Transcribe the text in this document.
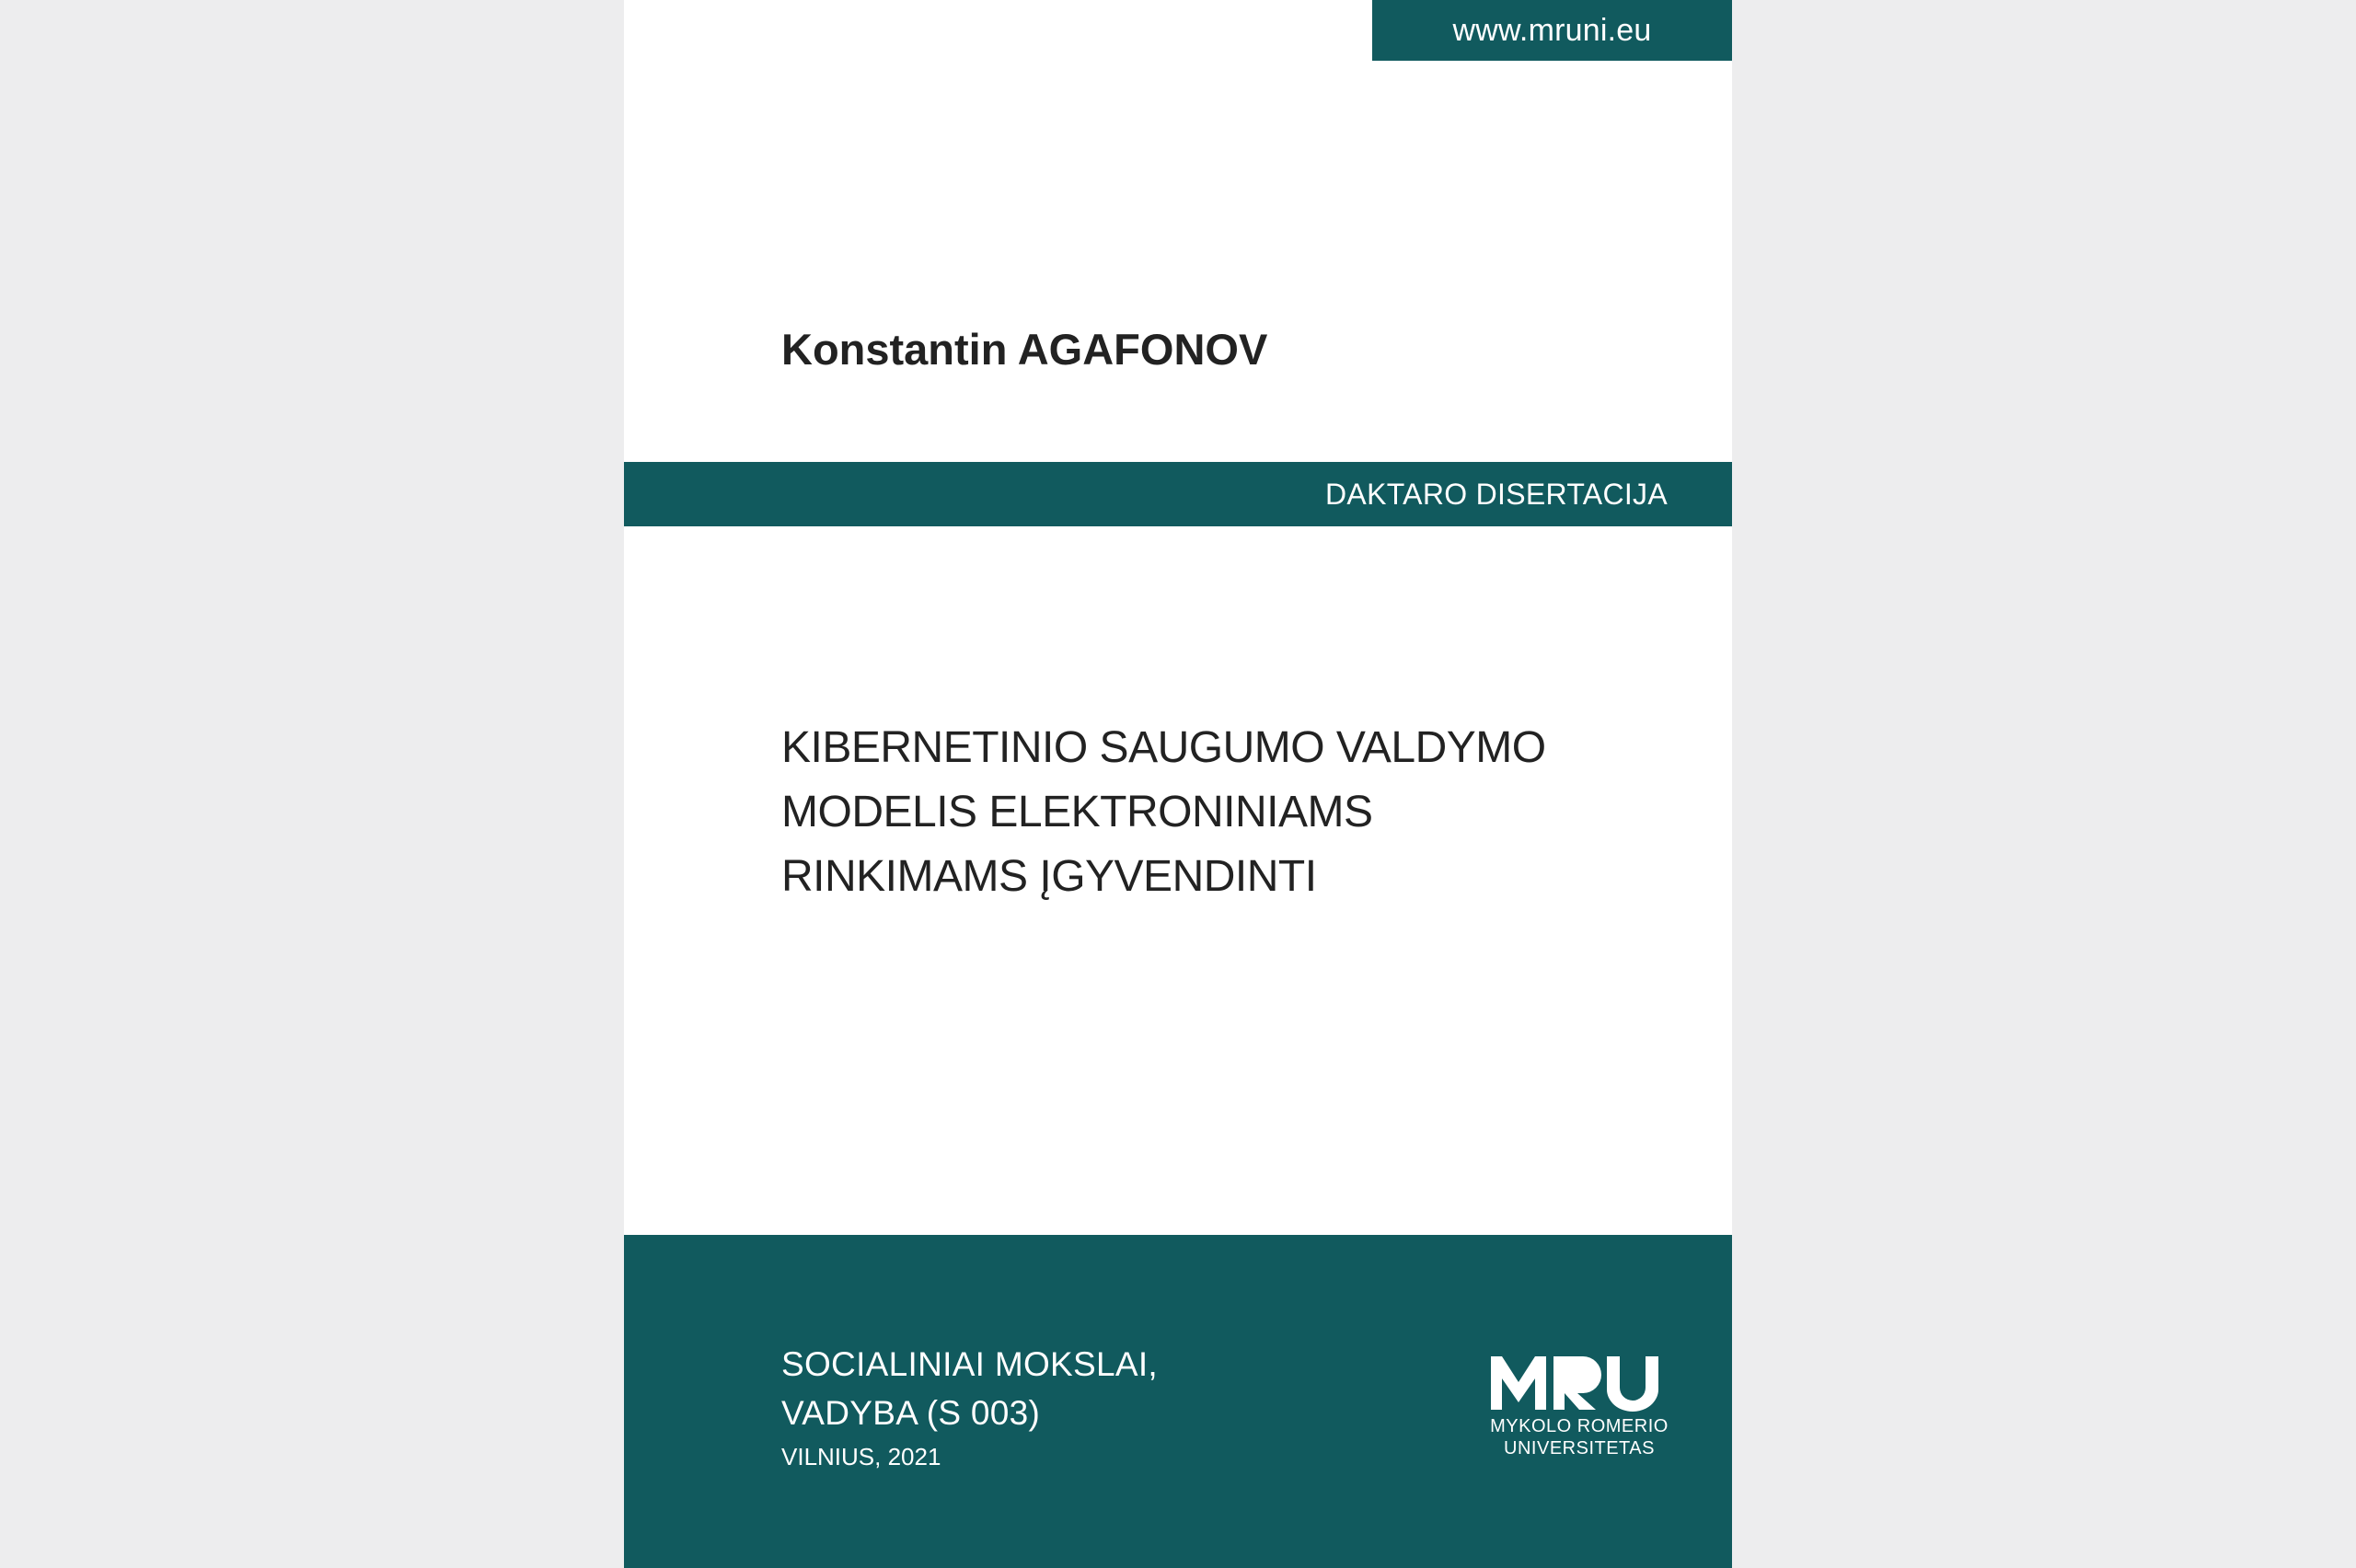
www.mruni.eu
Konstantin AGAFONOV
DAKTARO DISERTACIJA
KIBERNETINIO SAUGUMO VALDYMO
MODELIS ELEKTRONINIAMS
RINKIMAMS ĮGYVENDINTI
SOCIALINIAI MOKSLAI,
VADYBA (S 003)
VILNIUS, 2021
MYKOLO ROMERIO
UNIVERSITETAS
